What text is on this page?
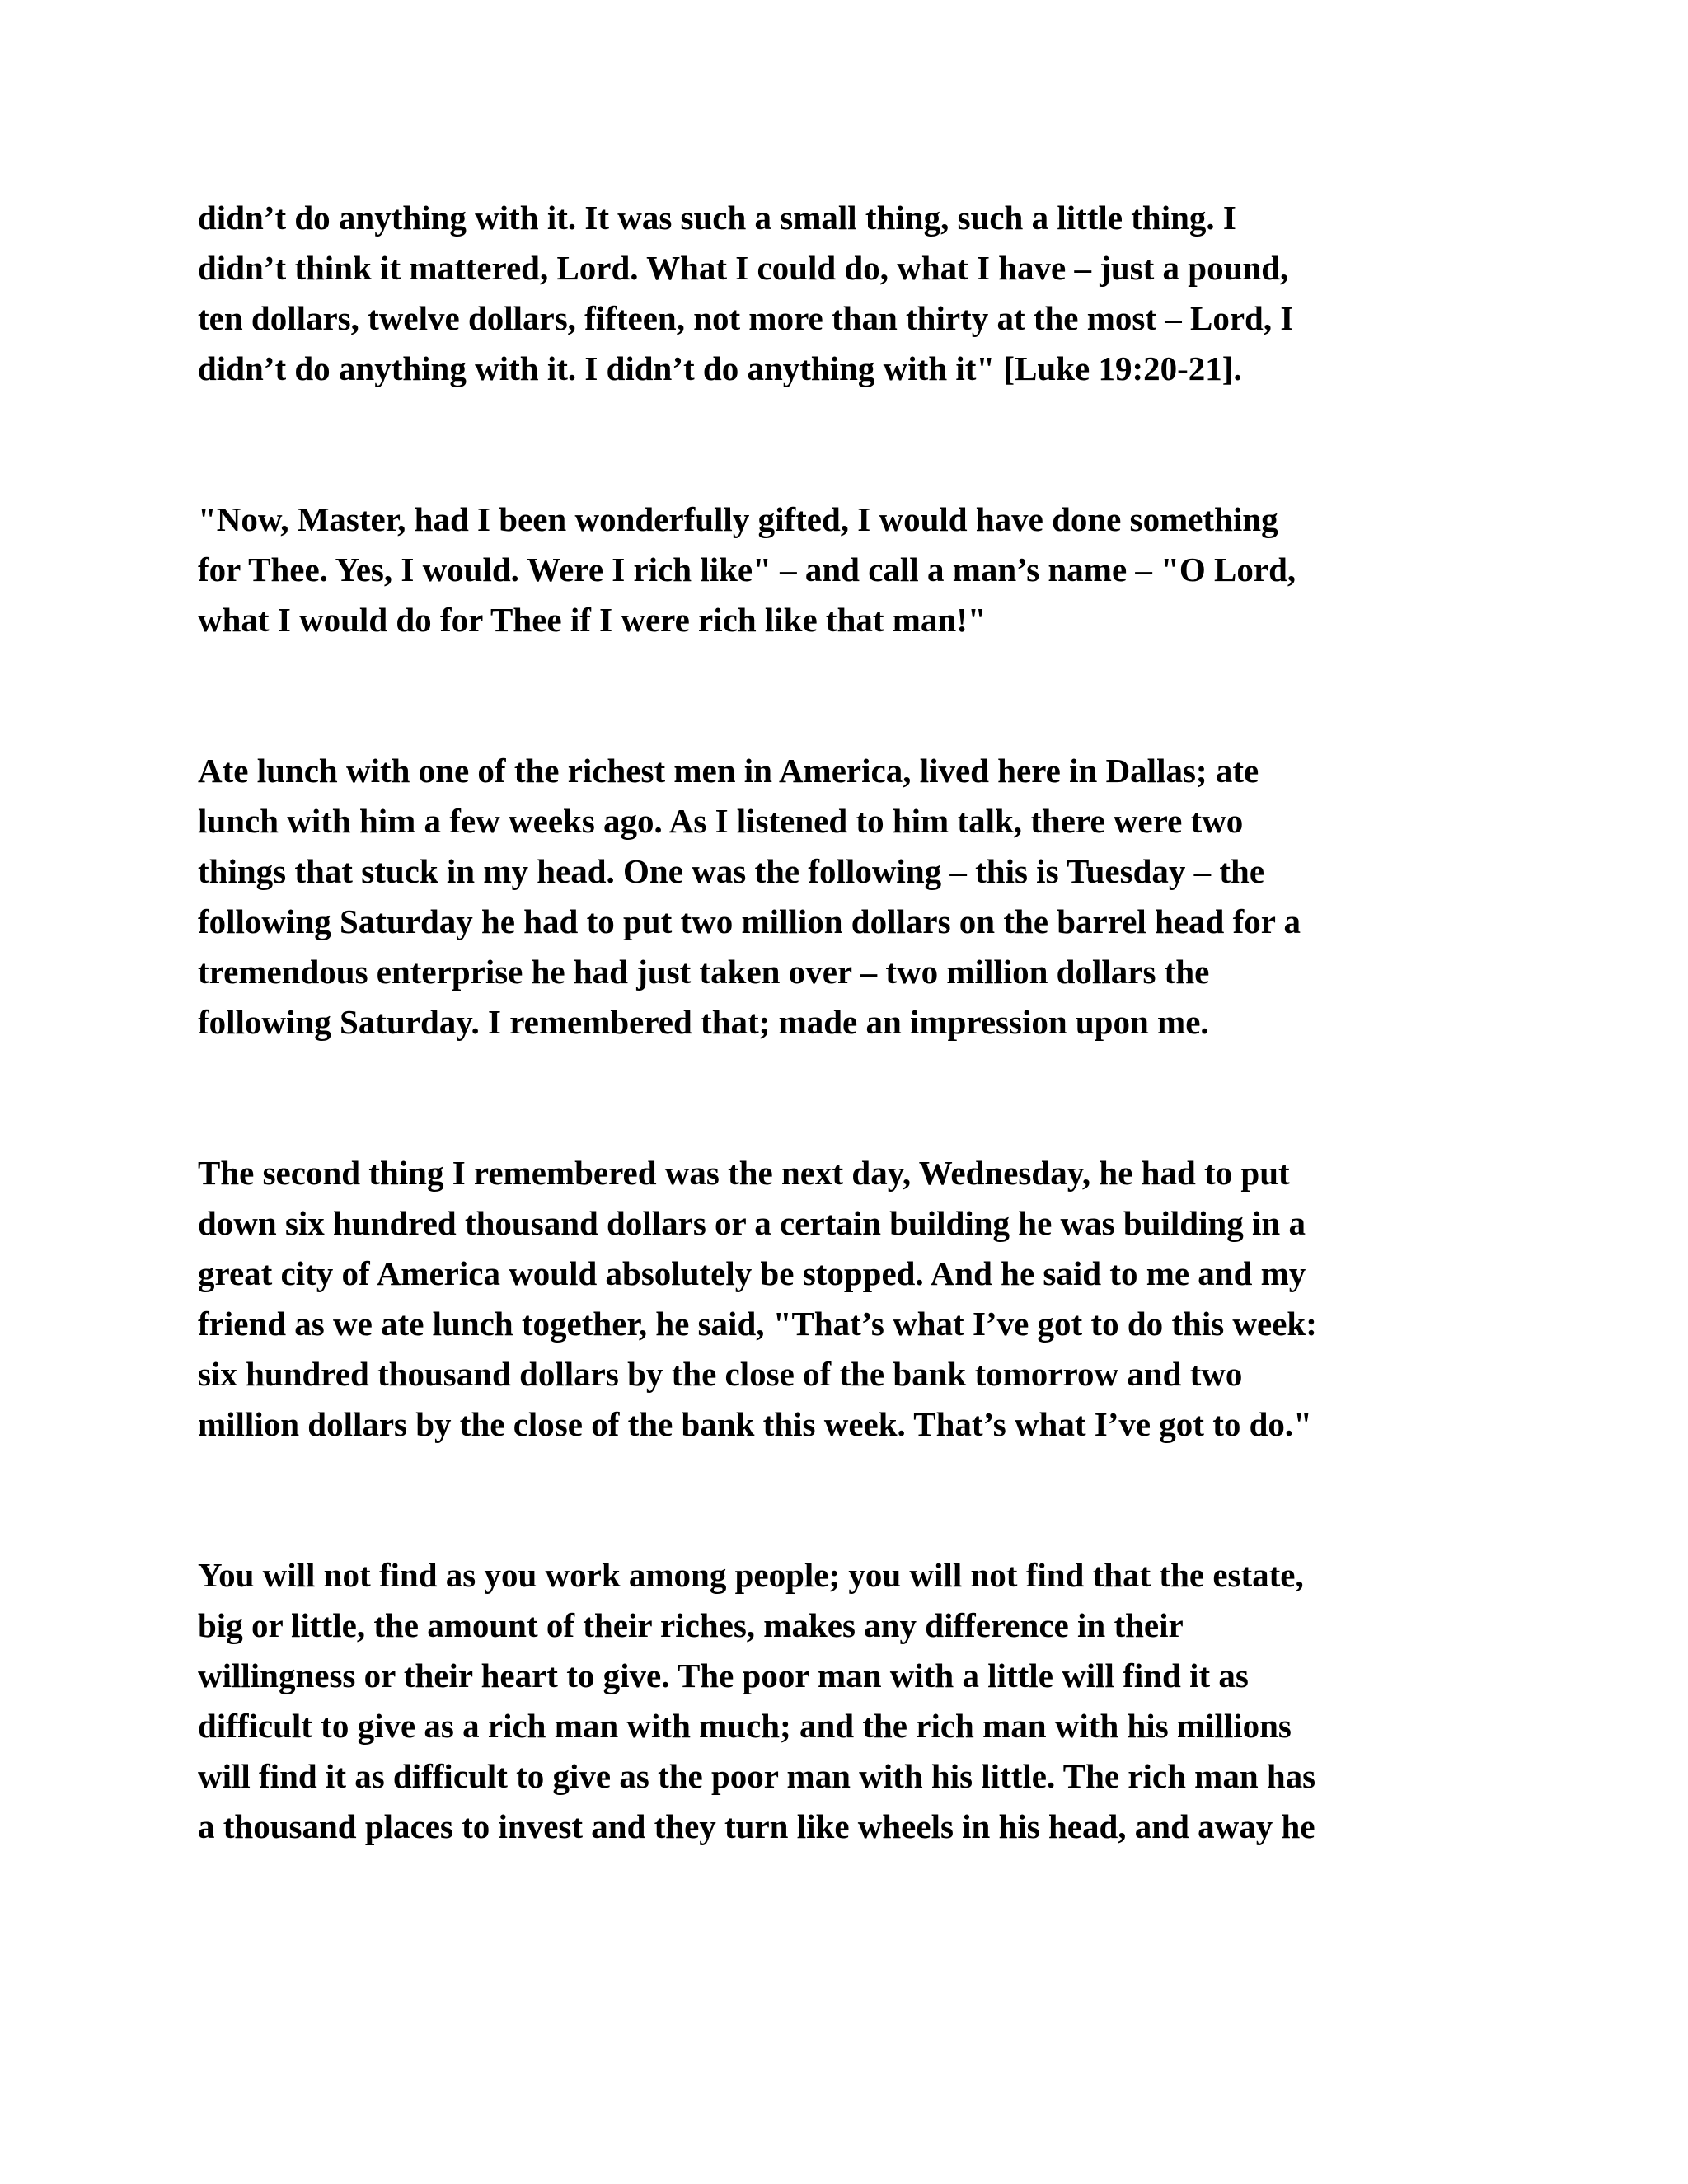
didn’t do anything with it. It was such a small thing, such a little thing. I
didn’t think it mattered, Lord. What I could do, what I have – just a pound,
ten dollars, twelve dollars, fifteen, not more than thirty at the most – Lord, I
didn’t do anything with it. I didn’t do anything with it" [Luke 19:20-21].

"Now, Master, had I been wonderfully gifted, I would have done something
for Thee. Yes, I would. Were I rich like" – and call a man’s name – "O Lord,
what I would do for Thee if I were rich like that man!"

Ate lunch with one of the richest men in America, lived here in Dallas; ate
lunch with him a few weeks ago. As I listened to him talk, there were two
things that stuck in my head. One was the following – this is Tuesday – the
following Saturday he had to put two million dollars on the barrel head for a
tremendous enterprise he had just taken over – two million dollars the
following Saturday. I remembered that; made an impression upon me.

The second thing I remembered was the next day, Wednesday, he had to put
down six hundred thousand dollars or a certain building he was building in a
great city of America would absolutely be stopped. And he said to me and my
friend as we ate lunch together, he said, "That’s what I’ve got to do this week:
six hundred thousand dollars by the close of the bank tomorrow and two
million dollars by the close of the bank this week. That’s what I’ve got to do."

You will not find as you work among people; you will not find that the estate,
big or little, the amount of their riches, makes any difference in their
willingness or their heart to give. The poor man with a little will find it as
difficult to give as a rich man with much; and the rich man with his millions
will find it as difficult to give as the poor man with his little. The rich man has
a thousand places to invest and they turn like wheels in his head, and away he
